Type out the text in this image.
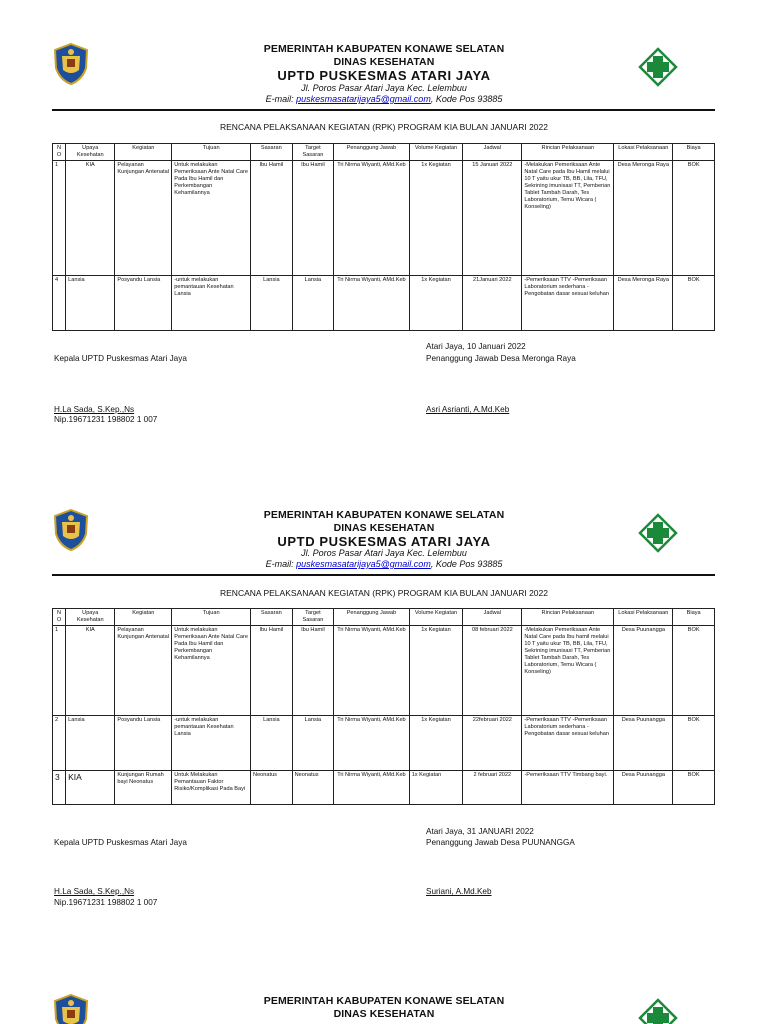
PEMERINTAH KABUPATEN KONAWE SELATAN
DINAS KESEHATAN
UPTD PUSKESMAS ATARI JAYA
Jl. Poros Pasar Atari Jaya Kec. Lelembuu
E-mail: puskesmasatarijaya5@gmail.com, Kode Pos 93885
RENCANA PELAKSANAAN KEGIATAN (RPK) PROGRAM KIA BULAN JANUARI 2022
N O	Upaya Kesehatan	Kegiatan	Tujuan	Sasaran	Target Sasaran	Penanggung Jawab	Volume Kegiatan	Jadwal	Rincian Pelaksanaan	Lokasi Pelaksanaan	Biaya
1	KIA	Pelayanan Kunjungan Antenatal	Untuk melakukan Pemeriksaan Ante Natal Care Pada Ibu Hamil dan Perkembangan Kehamilannya	Ibu Hamil	Ibu Hamil	Tri Nirma Wiyanti, AMd.Keb	1x Kegiatan	15 Januari 2022	-Melakukan Pemeriksaan Ante Natal Care pada Ibu Hamil melalui 10 T yaitu ukur TB, BB, Lila, TFU, Sekrining imunisasi TT, Pemberian Tablet Tambah Darah, Tes Laboratorium, Temu Wicara ( Konseling)	Desa Meronga Raya	BOK
4	Lansia	Posyandu Lansia	-untuk melakukan pemantauan Kesehatan Lansia	Lansia	Lansia	Tri Nirma Wiyanti, AMd.Keb	1x Kegiatan	21Januari 2022	-Pemeriksaan TTV -Pemeriksaan Laboratorium sederhana -Pengobatan dasar sesuai keluhan	Desa Meronga Raya	BOK
Atari Jaya, 10 Januari 2022
Kepala UPTD Puskesmas Atari Jaya	Penanggung Jawab Desa Meronga Raya
H.La Sada, S.Kep.,Ns
Nip.19671231 198802 1 007
Asri Asrianti, A.Md.Keb
PEMERINTAH KABUPATEN KONAWE SELATAN
DINAS KESEHATAN
UPTD PUSKESMAS ATARI JAYA
Jl. Poros Pasar Atari Jaya Kec. Lelembuu
E-mail: puskesmasatarijaya5@gmail.com, Kode Pos 93885
RENCANA PELAKSANAAN KEGIATAN (RPK) PROGRAM KIA BULAN JANUARI 2022
N O	Upaya Kesehatan	Kegiatan	Tujuan	Sasaran	Target Sasaran	Penanggung Jawab	Volume Kegiatan	Jadwal	Rincian Pelaksanaan	Lokasi Pelaksanaan	Biaya
1	KIA	Pelayanan Kunjungan Antenatal	Untuk melakukan Pemeriksaan Ante Natal Care Pada Ibu Hamil dan Perkembangan Kehamilannya	Ibu Hamil	Ibu Hamil	Tri Nirma Wiyanti, AMd.Keb	1x Kegiatan	08 februari 2022	-Melakukan Pemeriksaan Ante Natal Care pada Ibu hamil melalui 10 T yaitu ukur TB, BB, Lila, TFU, Sekrining imunisasi TT, Pemberian Tablet Tambah Darah, Tes Laboratorium, Temu Wicara ( Konseling)	Desa Puunangga	BOK
2	Lansia	Posyandu Lansia	-untuk melakukan pemantauan Kesehatan Lansia	Lansia	Lansia	Tri Nirma Wiyanti, AMd.Keb	1x Kegiatan	22februari 2022	-Pemeriksaan TTV -Pemeriksaan Laboratorium sederhana -Pengobatan dasar sesuai keluhan	Desa Puunangga	BOK
3	KIA	Kunjungan Rumah bayi Neonatus	Untuk Melakukan Pemantauan Faktor Risiko/Komplikasi Pada Bayi	Neonatus	Neonatus	Tri Nirma Wiyanti, AMd.Keb	1x Kegiatan	2 februari 2022	-Pemeriksaan TTV Timbang bayi.	Desa Puunangga	BOK
Atari Jaya, 31 JANUARI 2022
Kepala UPTD Puskesmas Atari Jaya	Penanggung Jawab Desa PUUNANGGA
H.La Sada, S.Kep.,Ns
Nip.19671231 198802 1 007
Suriani, A.Md.Keb
PEMERINTAH KABUPATEN KONAWE SELATAN
DINAS KESEHATAN
